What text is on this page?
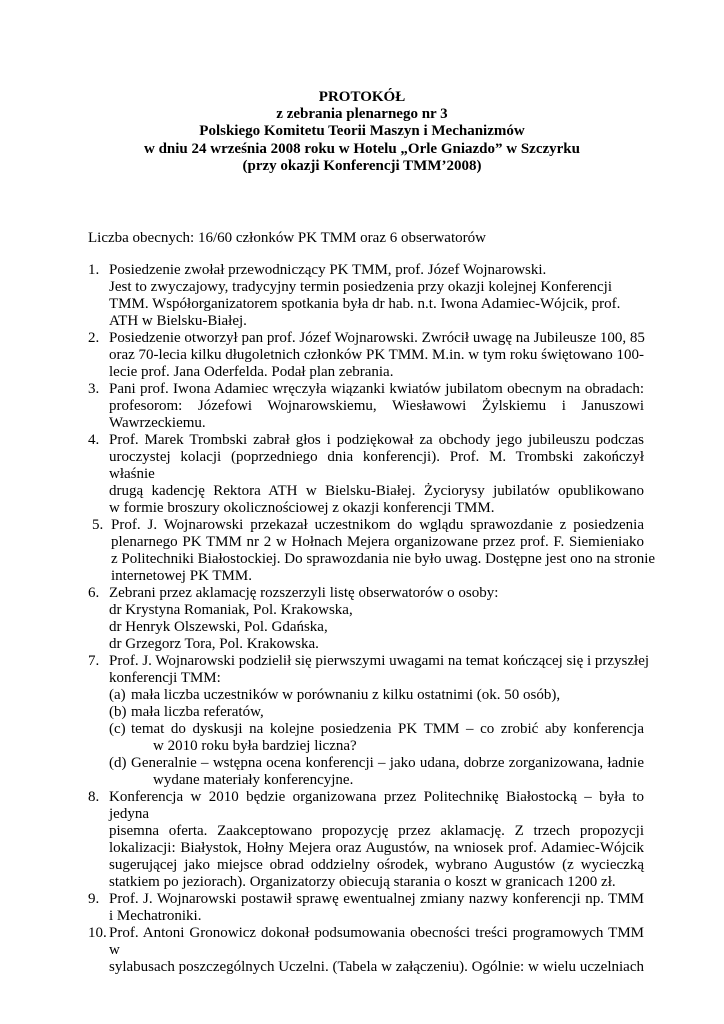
PROTOKÓŁ
z zebrania plenarnego nr 3
Polskiego Komitetu Teorii Maszyn i Mechanizmów
w dniu 24 września 2008 roku w Hotelu „Orle Gniazdo” w Szczyrku
(przy okazji Konferencji TMM’2008)
Liczba obecnych: 16/60 członków PK TMM oraz 6 obserwatorów
1. Posiedzenie zwołał przewodniczący PK TMM, prof. Józef Wojnarowski.
Jest to zwyczajowy, tradycyjny termin posiedzenia przy okazji kolejnej Konferencji
TMM. Współorganizatorem spotkania była dr hab. n.t. Iwona Adamiec-Wójcik, prof.
ATH w Bielsku-Białej.
2. Posiedzenie otworzył pan prof. Józef Wojnarowski. Zwrócił uwagę na Jubileusze 100, 85
oraz 70-lecia kilku długoletnich członków PK TMM. M.in. w tym roku świętowano 100-
lecie prof. Jana Oderfelda. Podał plan zebrania.
3. Pani prof. Iwona Adamiec wręczyła wiązanki kwiatów jubilatom obecnym na obradach:
profesorom: Józefowi Wojnarowskiemu, Wiesławowi Żylskiemu i Januszowi
Wawrzeckiemu.
4. Prof. Marek Trombski zabrał głos i podziękował za obchody jego jubileuszu podczas
uroczystej kolacji (poprzedniego dnia konferencji). Prof. M. Trombski zakończył właśnie
drugą kadencję Rektora ATH w Bielsku-Białej. Życiorysy jubilatów opublikowano
w formie broszury okolicznościowej z okazji konferencji TMM.
5. Prof. J. Wojnarowski przekazał uczestnikom do wglądu sprawozdanie z posiedzenia
plenarnego PK TMM nr 2 w Hołnach Mejera organizowane przez prof. F. Siemieniako
z Politechniki Białostockiej. Do sprawozdania nie było uwag. Dostępne jest ono na stronie
internetowej PK TMM.
6. Zebrani przez aklamację rozszerzyli listę obserwatorów o osoby:
dr Krystyna Romaniak, Pol. Krakowska,
dr Henryk Olszewski, Pol. Gdańska,
dr Grzegorz Tora, Pol. Krakowska.
7. Prof. J. Wojnarowski podzielił się pierwszymi uwagami na temat kończącej się i przyszłej
konferencji TMM:
(a) mała liczba uczestników w porównaniu z kilku ostatnimi (ok. 50 osób),
(b) mała liczba referatów,
(c) temat do dyskusji na kolejne posiedzenia PK TMM – co zrobić aby konferencja
w 2010 roku była bardziej liczna?
(d) Generalnie – wstępna ocena konferencji – jako udana, dobrze zorganizowana, ładnie
wydane materiały konferencyjne.
8. Konferencja w 2010 będzie organizowana przez Politechnikę Białostocką – była to jedyna
pisemna oferta. Zaakceptowano propozycję przez aklamację. Z trzech propozycji
lokalizacji: Białystok, Hołny Mejera oraz Augustów, na wniosek prof. Adamiec-Wójcik
sugerującej jako miejsce obrad oddzielny ośrodek, wybrano Augustów (z wycieczką
statkiem po jeziorach). Organizatorzy obiecują starania o koszt w granicach 1200 zł.
9. Prof. J. Wojnarowski postawił sprawę ewentualnej zmiany nazwy konferencji np. TMM
i Mechatroniki.
10. Prof. Antoni Gronowicz dokonał podsumowania obecności treści programowych TMM w
sylabusach poszczególnych Uczelni. (Tabela w załączeniu). Ogólnie: w wielu uczelniach
